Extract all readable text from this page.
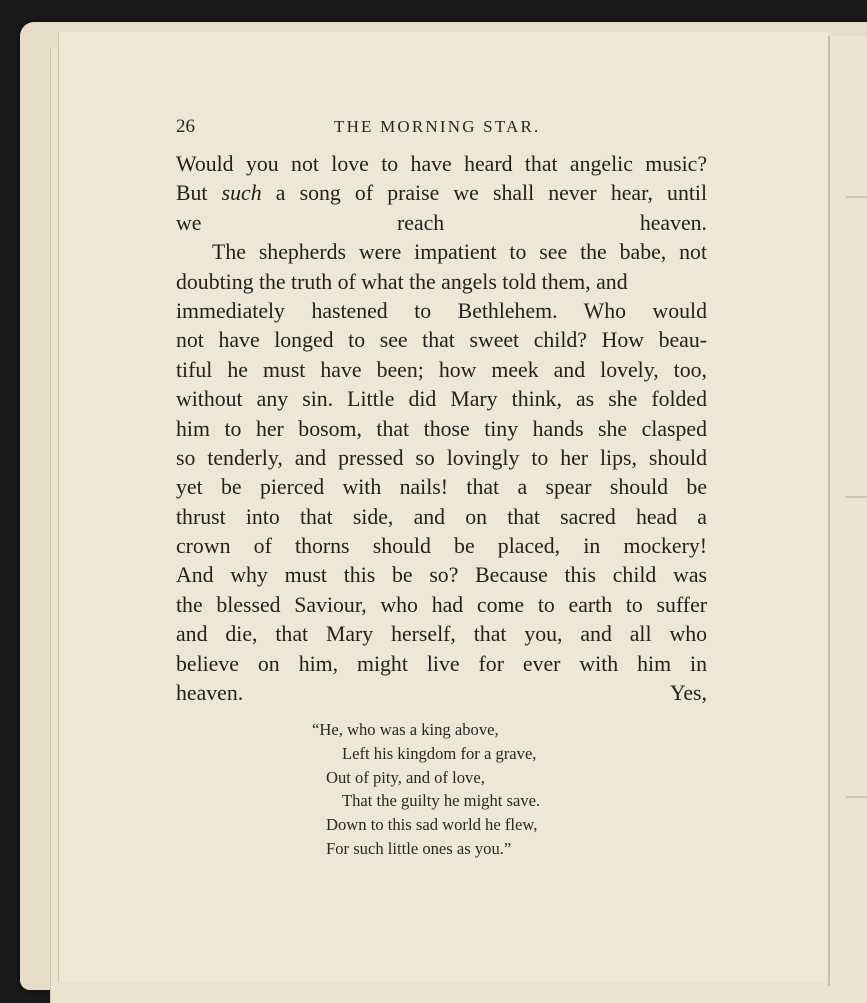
26	THE MORNING STAR.
Would you not love to have heard that angelic music?
But such a song of praise we shall never hear, until
we reach heaven.
The shepherds were impatient to see the babe, not
doubting the truth of what the angels told them, and
immediately hastened to Bethlehem. Who would
not have longed to see that sweet child? How beau-
tiful he must have been; how meek and lovely, too,
without any sin. Little did Mary think, as she folded
him to her bosom, that those tiny hands she clasped
so tenderly, and pressed so lovingly to her lips, should
yet be pierced with nails! that a spear should be
thrust into that side, and on that sacred head a
crown of thorns should be placed, in mockery!
And why must this be so? Because this child was
the blessed Saviour, who had come to earth to suffer
and die, that Mary herself, that you, and all who
believe on him, might live for ever with him in
heaven. Yes,
“He, who was a king above,
Left his kingdom for a grave,
Out of pity, and of love,
That the guilty he might save.
Down to this sad world he flew,
For such little ones as you.”
